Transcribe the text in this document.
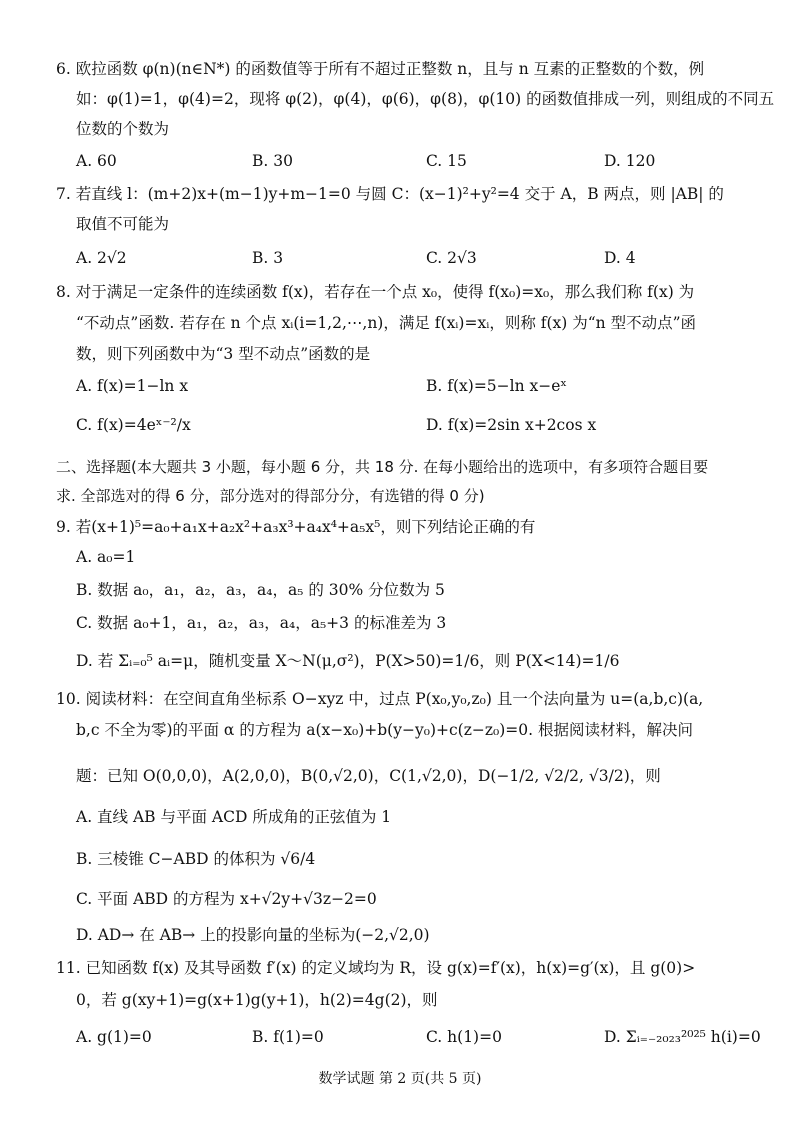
6. 欧拉函数 φ(n)(n∈N*) 的函数值等于所有不超过正整数 n，且与 n 互素的正整数的个数，例
如：φ(1)=1，φ(4)=2，现将 φ(2)，φ(4)，φ(6)，φ(8)，φ(10) 的函数值排成一列，则组成的不同五
位数的个数为
A. 60	B. 30	C. 15	D. 120
7. 若直线 l：(m+2)x+(m−1)y+m−1=0 与圆 C：(x−1)²+y²=4 交于 A，B 两点，则 |AB| 的
取值不可能为
A. 2√2	B. 3	C. 2√3	D. 4
8. 对于满足一定条件的连续函数 f(x)，若存在一个点 x₀，使得 f(x₀)=x₀，那么我们称 f(x) 为
“不动点”函数. 若存在 n 个点 xᵢ(i=1,2,⋯,n)，满足 f(xᵢ)=xᵢ，则称 f(x) 为“n 型不动点”函
数，则下列函数中为“3 型不动点”函数的是
A. f(x)=1−ln x	B. f(x)=5−ln x−eˣ
C. f(x)=4eˣ⁻²/x	D. f(x)=2sin x+2cos x
二、选择题(本大题共 3 小题，每小题 6 分，共 18 分. 在每小题给出的选项中，有多项符合题目要
求. 全部选对的得 6 分，部分选对的得部分分，有选错的得 0 分)
9. 若(x+1)⁵=a₀+a₁x+a₂x²+a₃x³+a₄x⁴+a₅x⁵，则下列结论正确的有
A. a₀=1
B. 数据 a₀，a₁，a₂，a₃，a₄，a₅ 的 30% 分位数为 5
C. 数据 a₀+1，a₁，a₂，a₃，a₄，a₅+3 的标准差为 3
D. 若 Σᵢ₌₀⁵ aᵢ=μ，随机变量 X～N(μ,σ²)，P(X>50)=1/6，则 P(X<14)=1/6
10. 阅读材料：在空间直角坐标系 O−xyz 中，过点 P(x₀,y₀,z₀) 且一个法向量为 u=(a,b,c)(a,
b,c 不全为零)的平面 α 的方程为 a(x−x₀)+b(y−y₀)+c(z−z₀)=0. 根据阅读材料，解决问
题：已知 O(0,0,0)，A(2,0,0)，B(0,√2,0)，C(1,√2,0)，D(−1/2, √2/2, √3/2)，则
A. 直线 AB 与平面 ACD 所成角的正弦值为 1
B. 三棱锥 C−ABD 的体积为 √6/4
C. 平面 ABD 的方程为 x+√2y+√3z−2=0
D. AD→ 在 AB→ 上的投影向量的坐标为(−2,√2,0)
11. 已知函数 f(x) 及其导函数 f′(x) 的定义域均为 R，设 g(x)=f′(x)，h(x)=g′(x)，且 g(0)>
0，若 g(xy+1)=g(x+1)g(y+1)，h(2)=4g(2)，则
A. g(1)=0	B. f(1)=0	C. h(1)=0	D. Σᵢ₌₋₂₀₂₃²⁰²⁵ h(i)=0
数学试题 第 2 页(共 5 页)
